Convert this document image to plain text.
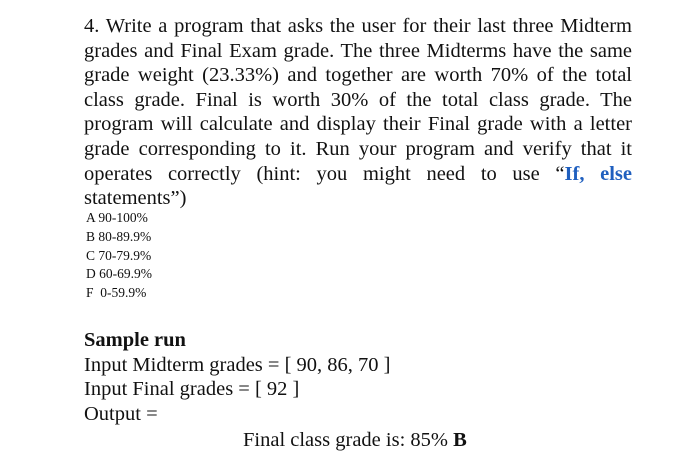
4. Write a program that asks the user for their last three Midterm grades and Final Exam grade. The three Midterms have the same grade weight (23.33%) and together are worth 70% of the total class grade. Final is worth 30% of the total class grade. The program will calculate and display their Final grade with a letter grade corresponding to it. Run your program and verify that it operates correctly (hint: you might need to use “If, else statements”)

A 90-100%
B 80-89.9%
C 70-79.9%
D 60-69.9%
F  0-59.9%
Sample run
Input Midterm grades = [ 90, 86, 70 ]
Input Final grades = [ 92 ]
Output =
Final class grade is: 85% B
